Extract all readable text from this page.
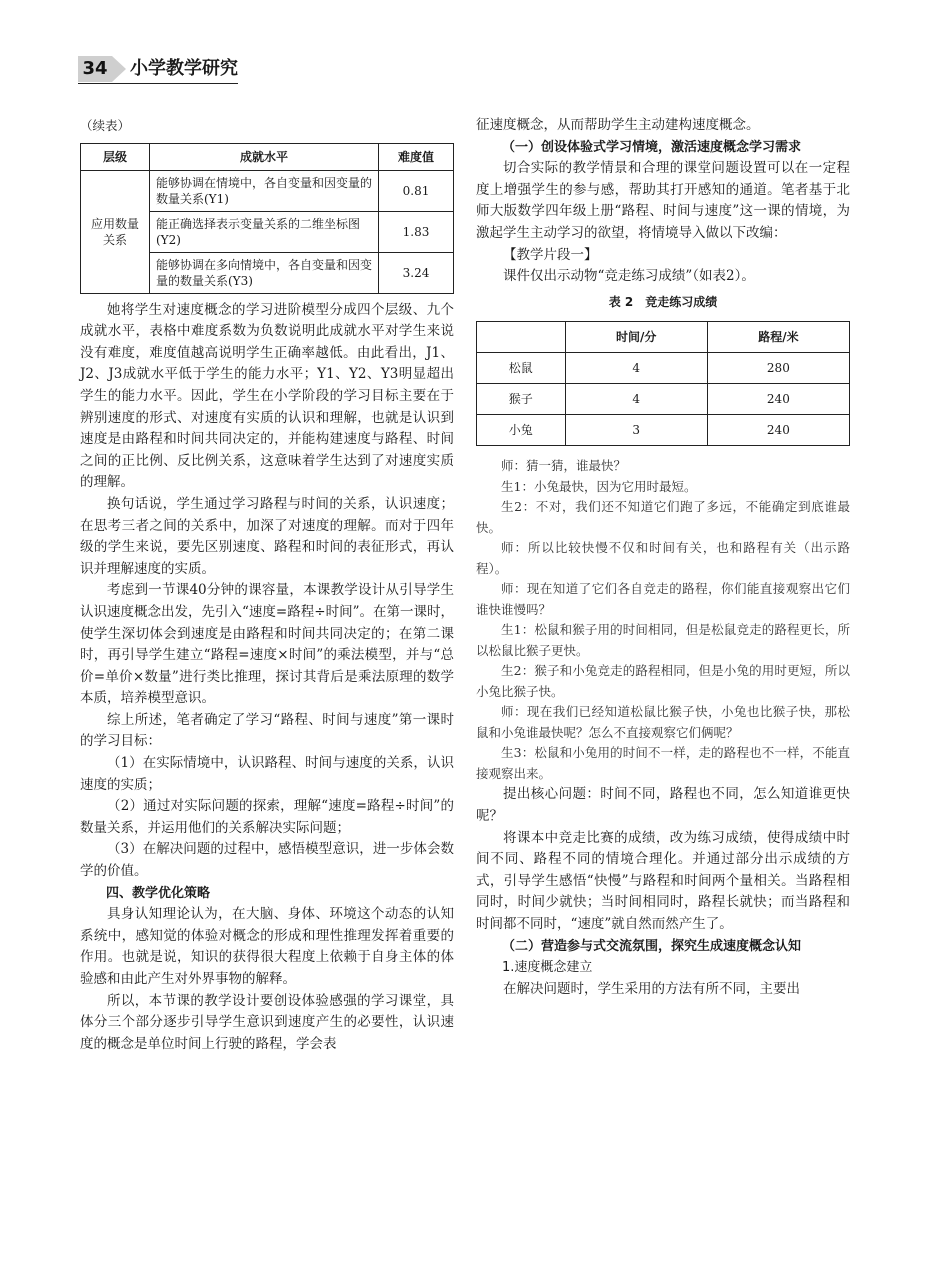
34 小学教学研究

（续表）

层级	成就水平	难度值
应用数量关系	能够协调在情境中，各自变量和因变量的数量关系(Y1)	0.81
	能正确选择表示变量关系的二维坐标图(Y2)	1.83
	能够协调在多向情境中，各自变量和因变量的数量关系(Y3)	3.24

她将学生对速度概念的学习进阶模型分成四个层级、九个成就水平，表格中难度系数为负数说明此成就水平对学生来说没有难度，难度值越高说明学生正确率越低。由此看出，J1、J2、J3成就水平低于学生的能力水平；Y1、Y2、Y3明显超出学生的能力水平。因此，学生在小学阶段的学习目标主要在于辨别速度的形式、对速度有实质的认识和理解，也就是认识到速度是由路程和时间共同决定的，并能构建速度与路程、时间之间的正比例、反比例关系，这意味着学生达到了对速度实质的理解。

换句话说，学生通过学习路程与时间的关系，认识速度；在思考三者之间的关系中，加深了对速度的理解。而对于四年级的学生来说，要先区别速度、路程和时间的表征形式，再认识并理解速度的实质。

考虑到一节课40分钟的课容量，本课教学设计从引导学生认识速度概念出发，先引入“速度=路程÷时间”。在第一课时，使学生深切体会到速度是由路程和时间共同决定的；在第二课时，再引导学生建立“路程=速度×时间”的乘法模型，并与“总价=单价×数量”进行类比推理，探讨其背后是乘法原理的数学本质，培养模型意识。

综上所述，笔者确定了学习“路程、时间与速度”第一课时的学习目标：

（1）在实际情境中，认识路程、时间与速度的关系，认识速度的实质；

（2）通过对实际问题的探索，理解“速度=路程÷时间”的数量关系，并运用他们的关系解决实际问题；

（3）在解决问题的过程中，感悟模型意识，进一步体会数学的价值。

四、教学优化策略

具身认知理论认为，在大脑、身体、环境这个动态的认知系统中，感知觉的体验对概念的形成和理性推理发挥着重要的作用。也就是说，知识的获得很大程度上依赖于自身主体的体验感和由此产生对外界事物的解释。

所以，本节课的教学设计要创设体验感强的学习课堂，具体分三个部分逐步引导学生意识到速度产生的必要性，认识速度的概念是单位时间上行驶的路程，学会表

征速度概念，从而帮助学生主动建构速度概念。

（一）创设体验式学习情境，激活速度概念学习需求

切合实际的教学情景和合理的课堂问题设置可以在一定程度上增强学生的参与感，帮助其打开感知的通道。笔者基于北师大版数学四年级上册“路程、时间与速度”这一课的情境，为激起学生主动学习的欲望，将情境导入做以下改编：

【教学片段一】

课件仅出示动物“竞走练习成绩”（如表2）。

表 2　竞走练习成绩

	时间/分	路程/米
松鼠	4	280
猴子	4	240
小兔	3	240

师：猜一猜，谁最快？

生1：小兔最快，因为它用时最短。

生2：不对，我们还不知道它们跑了多远，不能确定到底谁最快。

师：所以比较快慢不仅和时间有关，也和路程有关（出示路程）。

师：现在知道了它们各自竞走的路程，你们能直接观察出它们谁快谁慢吗？

生1：松鼠和猴子用的时间相同，但是松鼠竞走的路程更长，所以松鼠比猴子更快。

生2：猴子和小兔竞走的路程相同，但是小兔的用时更短，所以小兔比猴子快。

师：现在我们已经知道松鼠比猴子快，小兔也比猴子快，那松鼠和小兔谁最快呢？怎么不直接观察它们俩呢？

生3：松鼠和小兔用的时间不一样，走的路程也不一样，不能直接观察出来。

提出核心问题：时间不同，路程也不同，怎么知道谁更快呢？

将课本中竞走比赛的成绩，改为练习成绩，使得成绩中时间不同、路程不同的情境合理化。并通过部分出示成绩的方式，引导学生感悟“快慢”与路程和时间两个量相关。当路程相同时，时间少就快；当时间相同时，路程长就快；而当路程和时间都不同时，“速度”就自然而然产生了。

（二）营造参与式交流氛围，探究生成速度概念认知

1.速度概念建立

在解决问题时，学生采用的方法有所不同，主要出
